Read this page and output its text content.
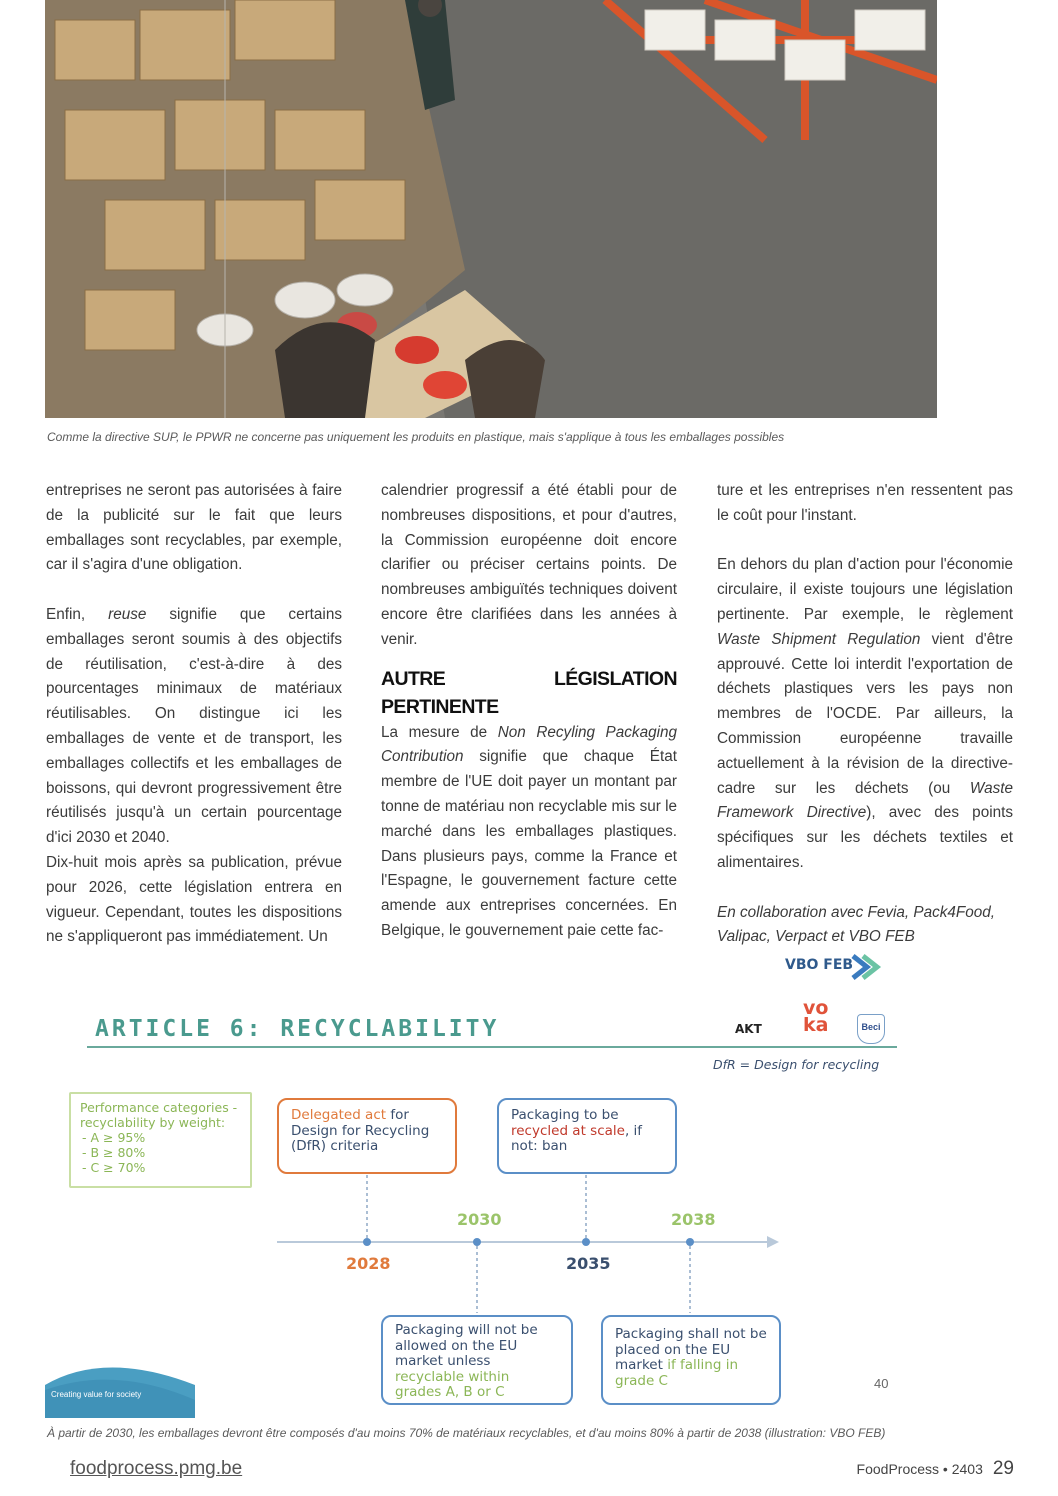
Comme la directive SUP, le PPWR ne concerne pas uniquement les produits en plastique, mais s'applique à tous les emballages possibles

entreprises ne seront pas autorisées à faire de la publicité sur le fait que leurs emballages sont recyclables, par exemple, car il s'agira d'une obligation.

Enfin, reuse signifie que certains emballages seront soumis à des objectifs de réutilisation, c'est-à-dire à des pourcentages minimaux de matériaux réutilisables. On distingue ici les emballages de vente et de transport, les emballages collectifs et les emballages de boissons, qui devront progressivement être réutilisés jusqu'à un certain pourcentage d'ici 2030 et 2040.

Dix-huit mois après sa publication, prévue pour 2026, cette législation entrera en vigueur. Cependant, toutes les dispositions ne s'appliqueront pas immédiatement. Un

calendrier progressif a été établi pour de nombreuses dispositions, et pour d'autres, la Commission européenne doit encore clarifier ou préciser certains points. De nombreuses ambiguïtés techniques doivent encore être clarifiées dans les années à venir.

AUTRE LÉGISLATION PERTINENTE

La mesure de Non Recyling Packaging Contribution signifie que chaque État membre de l'UE doit payer un montant par tonne de matériau non recyclable mis sur le marché dans les emballages plastiques. Dans plusieurs pays, comme la France et l'Espagne, le gouvernement facture cette amende aux entreprises concernées. En Belgique, le gouvernement paie cette fac-

ture et les entreprises n'en ressentent pas le coût pour l'instant.

En dehors du plan d'action pour l'économie circulaire, il existe toujours une législation pertinente. Par exemple, le règlement Waste Shipment Regulation vient d'être approuvé. Cette loi interdit l'exportation de déchets plastiques vers les pays non membres de l'OCDE. Par ailleurs, la Commission européenne travaille actuellement à la révision de la directive-cadre sur les déchets (ou Waste Framework Directive), avec des points spécifiques sur les déchets textiles et alimentaires.

En collaboration avec Fevia, Pack4Food, Valipac, Verpact et VBO FEB

VBO FEB
AKT
vo
ka	Beci
ARTICLE 6: RECYCLABILITY
DfR = Design for recycling
Performance categories - recyclability by weight:
- A ≥ 95%
- B ≥ 80%
- C ≥ 70%
Delegated act for Design for Recycling (DfR) criteria
Packaging to be recycled at scale, if not: ban
2028
2030
2035
2038
Packaging will not be allowed on the EU market unless recyclable within grades A, B or C
Packaging shall not be placed on the EU market if falling in grade C	40
Creating value for society
À partir de 2030, les emballages devront être composés d'au moins 70% de matériaux recyclables, et d'au moins 80% à partir de 2038 (illustration: VBO FEB)
foodprocess.pmg.be	FoodProcess • 2403 29
